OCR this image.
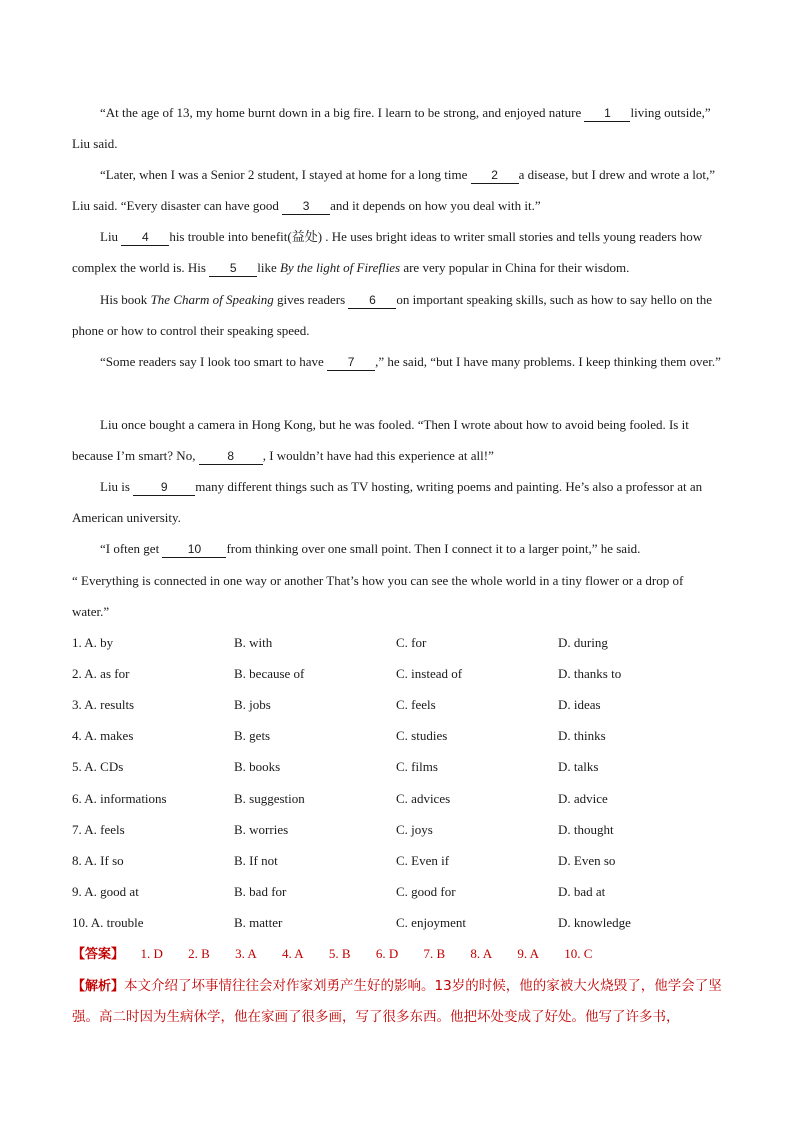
“At the age of 13, my home burnt down in a big fire. I learn to be strong, and enjoyed nature 1 living outside,” Liu said.
“Later, when I was a Senior 2 student, I stayed at home for a long time 2 a disease, but I drew and wrote a lot,” Liu said. “Every disaster can have good 3 and it depends on how you deal with it.”
Liu 4 his trouble into benefit(益处) . He uses bright ideas to writer small stories and tells young readers how complex the world is. His 5 like By the light of Fireflies are very popular in China for their wisdom.
His book The Charm of Speaking gives readers 6 on important speaking skills, such as how to say hello on the phone or how to control their speaking speed.
“Some readers say I look too smart to have 7 ,” he said, “but I have many problems. I keep thinking them over.”
Liu once bought a camera in Hong Kong, but he was fooled. “Then I wrote about how to avoid being fooled. Is it because I’m smart? No, 8 , I wouldn’t have had this experience at all!”
Liu is 9 many different things such as TV hosting, writing poems and painting. He’s also a professor at an American university.
“I often get 10 from thinking over one small point. Then I connect it to a larger point,” he said.
“ Everything is connected in one way or another That’s how you can see the whole world in a tiny flower or a drop of water.”
1. A. by	B. with	C. for	D. during
2. A. as for	B. because of	C. instead of	D. thanks to
3. A. results	B. jobs	C. feels	D. ideas
4. A. makes	B. gets	C. studies	D. thinks
5. A. CDs	B. books	C. films	D. talks
6. A. informations	B. suggestion	C. advices	D. advice
7. A. feels	B. worries	C. joys	D. thought
8. A. If so	B. If not	C. Even if	D. Even so
9. A. good at	B. bad for	C. good for	D. bad at
10. A. trouble	B. matter	C. enjoyment	D. knowledge
【答案】 1. D 2. B 3. A 4. A 5. B 6. D 7. B 8. A 9. A 10. C
【解析】本文介绍了坏事情往往会对作家刘勇产生好的影响。13岁的时候，他的家被大火烧毁了，他学会了坚强。高二时因为生病休学，他在家画了很多画，写了很多东西。他把坏处变成了好处。他写了许多书，
